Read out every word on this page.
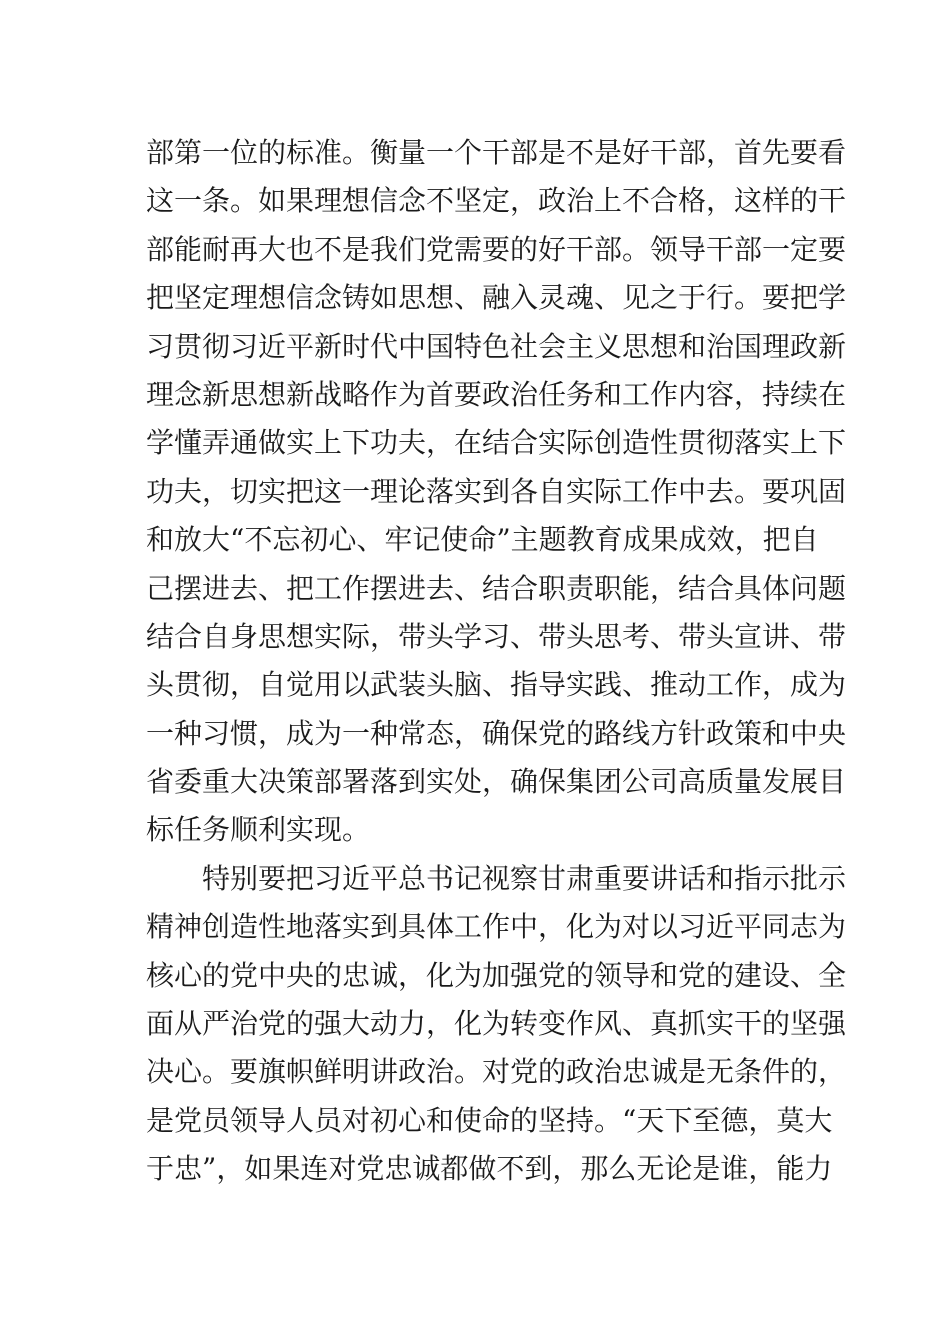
部第一位的标准。衡量一个干部是不是好干部，首先要看
这一条。如果理想信念不坚定，政治上不合格，这样的干
部能耐再大也不是我们党需要的好干部。领导干部一定要
把坚定理想信念铸如思想、融入灵魂、见之于行。要把学
习贯彻习近平新时代中国特色社会主义思想和治国理政新
理念新思想新战略作为首要政治任务和工作内容，持续在
学懂弄通做实上下功夫，在结合实际创造性贯彻落实上下
功夫，切实把这一理论落实到各自实际工作中去。要巩固
和放大“不忘初心、牢记使命”主题教育成果成效，把自
己摆进去、把工作摆进去、结合职责职能，结合具体问题
结合自身思想实际，带头学习、带头思考、带头宣讲、带
头贯彻，自觉用以武装头脑、指导实践、推动工作，成为
一种习惯，成为一种常态，确保党的路线方针政策和中央
省委重大决策部署落到实处，确保集团公司高质量发展目
标任务顺利实现。
特别要把习近平总书记视察甘肃重要讲话和指示批示
精神创造性地落实到具体工作中，化为对以习近平同志为
核心的党中央的忠诚，化为加强党的领导和党的建设、全
面从严治党的强大动力，化为转变作风、真抓实干的坚强
决心。要旗帜鲜明讲政治。对党的政治忠诚是无条件的，
是党员领导人员对初心和使命的坚持。“天下至德，莫大
于忠”，如果连对党忠诚都做不到，那么无论是谁，能力
